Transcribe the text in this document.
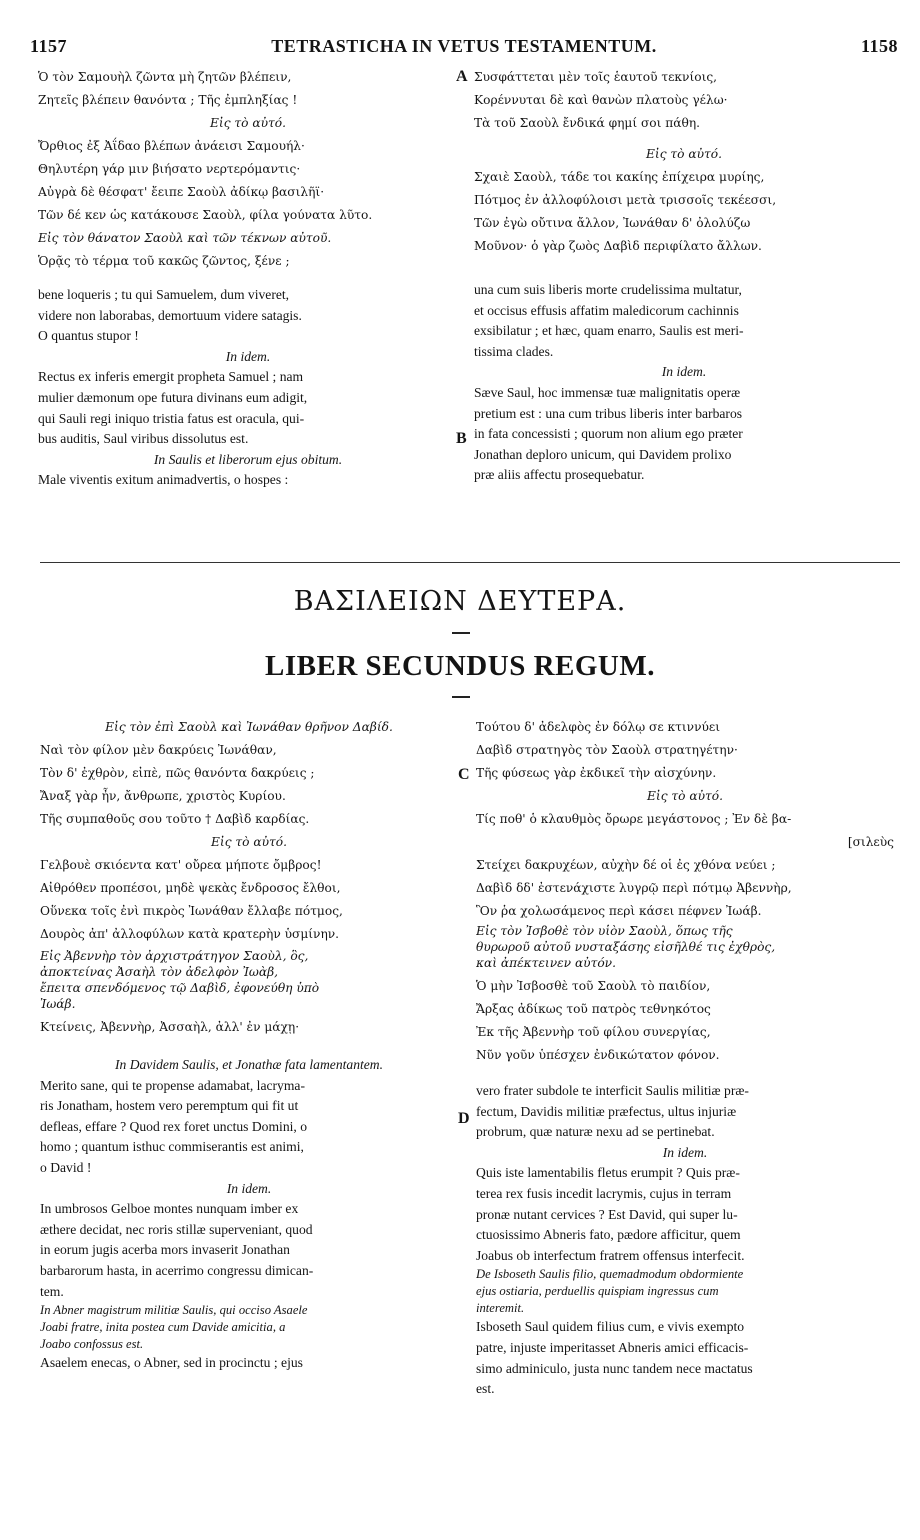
1157	TETRASTICHA IN VETUS TESTAMENTUM.	1158
Ὁ τὸν Σαμουὴλ ζῶντα μὴ ζητῶν βλέπειν,
Ζητεῖς βλέπειν θανόντα ; Τῆς ἐμπληξίας !
Εἰς τὸ αὐτό.
Ὄρθιος ἐξ Ἀΐδαο βλέπων ἀνάεισι Σαμουήλ·
Θηλυτέρη γάρ μιν βιήσατο νερτερόμαντις·
Αὐγρὰ δὲ θέσφατ' ἔειπε Σαοὺλ ἀδίκῳ βασιλῆϊ·
Τῶν δέ κεν ὡς κατάκουσε Σαοὺλ, φίλα γούνατα λῦτο.
Εἰς τὸν θάνατον Σαοὺλ καὶ τῶν τέκνων αὐτοῦ.
Ὁρᾷς τὸ τέρμα τοῦ κακῶς ζῶντος, ξένε ;
bene loqueris ; tu qui Samuelem, dum viveret,
videre non laborabas, demortuum videre satagis.
O quantus stupor !
In idem.
Rectus ex inferis emergit propheta Samuel ; nam
mulier dæmonum ope futura divinans eum adigit,
qui Sauli regi iniquo tristia fatus est oracula, qui-
bus auditis, Saul viribus dissolutus est.
In Saulis et liberorum ejus obitum.
Male viventis exitum animadvertis, o hospes :
Συσφάττεται μὲν τοῖς ἑαυτοῦ τεκνίοις,
Κορέννυται δὲ καὶ θανὼν πλατοὺς γέλω·
Τὰ τοῦ Σαοὺλ ἔνδικά φημί σοι πάθη.
Εἰς τὸ αὐτό.
Σχαιὲ Σαοὺλ, τάδε τοι κακίης ἐπίχειρα μυρίης,
Πότμος ἐν ἀλλοφύλοισι μετὰ τρισσοῖς τεκέεσσι,
Τῶν ἐγὼ οὔτινα ἄλλον, Ἰωνάθαν δ' ὀλολύζω
Μοῦνον· ὁ γὰρ ζωὸς Δαβὶδ περιφίλατο ἄλλων.
una cum suis liberis morte crudelissima multatur,
et occisus effusis affatim maledicorum cachinnis
exsibilatur ; et hæc, quam enarro, Saulis est meri-
tissima clades.
In idem.
Sæve Saul, hoc immensæ tuæ malignitatis operæ
pretium est : una cum tribus liberis inter barbaros
in fata concessisti ; quorum non alium ego præter
Jonathan deploro unicum, qui Davidem prolixo
præ aliis affectu prosequebatur.
A
B
ΒΑΣΙΛΕΙΩΝ ΔΕΥΤΕΡΑ.
LIBER SECUNDUS REGUM.
Εἰς τὸν ἐπὶ Σαοὺλ καὶ Ἰωνάθαν θρῆνον Δαβίδ.
Ναὶ τὸν φίλον μὲν δακρύεις Ἰωνάθαν,
Τὸν δ' ἐχθρὸν, εἰπὲ, πῶς θανόντα δακρύεις ;
Ἄναξ γὰρ ἦν, ἄνθρωπε, χριστὸς Κυρίου.
Τῆς συμπαθοῦς σου τοῦτο † Δαβὶδ καρδίας.
Εἰς τὸ αὐτό.
Γελβουὲ σκιόεντα κατ' οὔρεα μήποτε ὄμβρος!
Αἰθρόθεν προπέσοι, μηδὲ ψεκὰς ἔνδροσος ἔλθοι,
Οὕνεκα τοῖς ἐνὶ πικρὸς Ἰωνάθαν ἔλλαβε πότμος,
Δουρὸς ἀπ' ἀλλοφύλων κατὰ κρατερὴν ὑσμίνην.
Εἰς Ἀβεννὴρ τὸν ἀρχιστράτηγον Σαοὺλ, ὃς,
ἀποκτείνας Ἀσαὴλ τὸν ἀδελφὸν Ἰωὰβ,
ἔπειτα σπενδόμενος τῷ Δαβὶδ, ἐφονεύθη ὑπὸ
Ἰωάβ.
Κτείνεις, Ἀβεννὴρ, Ἀσσαὴλ, ἀλλ' ἐν μάχῃ·
In Davidem Saulis, et Jonathæ fata lamentantem.
Merito sane, qui te propense adamabat, lacryma-
ris Jonatham, hostem vero peremptum qui fit ut
defleas, effare ? Quod rex foret unctus Domini, o
homo ; quantum isthuc commiserantis est animi,
o David !
In idem.
In umbrosos Gelboe montes nunquam imber ex
æthere decidat, nec roris stillæ superveniant, quod
in eorum jugis acerba mors invaserit Jonathan
barbarorum hasta, in acerrimo congressu dimican-
tem.
In Abner magistrum militiæ Saulis, qui occiso Asaele
Joabi fratre, inita postea cum Davide amicitia, a
Joabo confossus est.
Asaelem enecas, o Abner, sed in procinctu ; ejus
Τούτου δ' ἀδελφὸς ἐν δόλῳ σε κτιννύει
Δαβὶδ στρατηγὸς τὸν Σαοὺλ στρατηγέτην·
Τῆς φύσεως γὰρ ἐκδικεῖ τὴν αἰσχύνην.
Εἰς τὸ αὐτό.
Τίς ποθ' ὁ κλαυθμὸς ὄρωρε μεγάστονος ; Ἐν δὲ βα-
[σιλεὺς
Στείχει δακρυχέων, αὐχὴν δέ οἱ ἐς χθόνα νεύει ;
Δαβὶδ δδ' ἐστενάχιστε λυγρῷ περὶ πότμῳ Ἀβεννὴρ,
Ὃν ῥα χολωσάμενος περὶ κάσει πέφνεν Ἰωάβ.
Εἰς τὸν Ἰσβοθὲ τὸν υἱὸν Σαοὺλ, ὅπως τῆς
θυρωροῦ αὐτοῦ νυσταξάσης εἰσῆλθέ τις ἐχθρὸς,
καὶ ἀπέκτεινεν αὐτόν.
Ὁ μὴν Ἰσβοσθὲ τοῦ Σαοὺλ τὸ παιδίον,
Ἄρξας ἀδίκως τοῦ πατρὸς τεθνηκότος
Ἐκ τῆς Ἀβεννὴρ τοῦ φίλου συνεργίας,
Νῦν γοῦν ὑπέσχεν ἐνδικώτατον φόνον.
vero frater subdole te interficit Saulis militiæ præ-
fectum, Davidis militiæ præfectus, ultus injuriæ
probrum, quæ naturæ nexu ad se pertinebat.
In idem.
Quis iste lamentabilis fletus erumpit ? Quis præ-
terea rex fusis incedit lacrymis, cujus in terram
pronæ nutant cervices ? Est David, qui super lu-
ctuosissimo Abneris fato, pædore afficitur, quem
Joabus ob interfectum fratrem offensus interfecit.
De Isboseth Saulis filio, quemadmodum obdormiente
ejus ostiaria, perduellis quispiam ingressus cum
interemit.
Isboseth Saul quidem filius cum, e vivis exempto
patre, injuste imperitasset Abneris amici efficacis-
simo adminiculo, justa nunc tandem nece mactatus
est.
C
D
